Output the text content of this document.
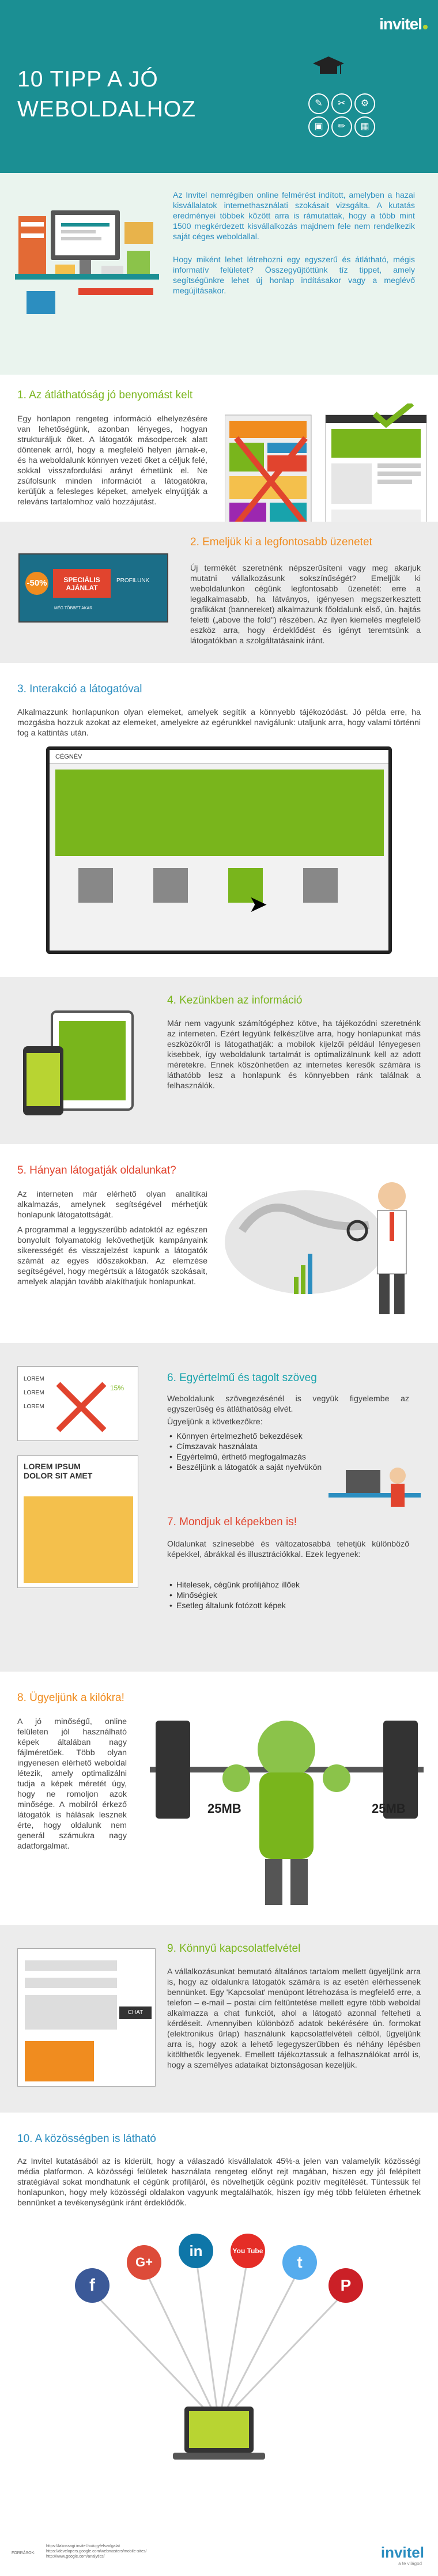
invitel
10 TIPP A JÓ
WEBOLDALHOZ	✎ ✂ ⚙▣ ✏ ▦

Az Invitel nemrégiben online felmérést indított, amelyben a hazai kisvállalatok internethasználati szokásait vizsgálta. A kutatás eredményei többek között arra is rámutattak, hogy a több mint 1500 megkérdezett kisvállalkozás majdnem fele nem rendelkezik saját céges weboldallal.

Hogy miként lehet létrehozni egy egyszerű és átlátható, mégis informatív felületet? Összegyűjtöttünk tíz tippet, amely segítségünkre lehet új honlap indításakor vagy a meglévő megújításakor.

1. Az átláthatóság jó benyomást kelt

Egy honlapon rengeteg információ elhelyezésére van lehetőségünk, azonban lényeges, hogyan strukturáljuk őket. A látogatók másodpercek alatt döntenek arról, hogy a megfelelő helyen járnak-e, és ha weboldalunk könnyen vezeti őket a céljuk felé, sokkal visszafordulási arányt érhetünk el. Ne zsúfolsunk minden információt a látogatókra, kerüljük a felesleges képeket, amelyek elnyújtják a releváns tartalomhoz való hozzájutást.

-50%	SPECIÁLIS AJÁNLAT
PROFILUNK
MÉG TÖBBET AKAR
2. Emeljük ki a legfontosabb üzenetet

Új termékét szeretnénk népszerűsíteni vagy meg akarjuk mutatni vállalkozásunk sokszínűségét? Emeljük ki weboldalunkon cégünk legfontosabb üzenetét: erre a legalkalmasabb, ha látványos, igényesen megszerkesztett grafikákat (bannereket) alkalmazunk főoldalunk első, ún. hajtás feletti („above the fold") részében. Az ilyen kiemelés megfelelő eszköz arra, hogy érdeklődést és igényt teremtsünk a látogatókban a szolgáltatásaink iránt.

3. Interakció a látogatóval

Alkalmazzunk honlapunkon olyan elemeket, amelyek segítik a könnyebb tájékozódást. Jó példa erre, ha mozgásba hozzuk azokat az elemeket, amelyekre az egérunkkel navigálunk: utaljunk arra, hogy valami történni fog a kattintás után.

CÉGNÉV
➤
4. Kezünkben az információ

Már nem vagyunk számítógéphez kötve, ha tájékozódni szeretnénk az interneten. Ezért legyünk felkészülve arra, hogy honlapunkat más eszközökről is látogathatják: a mobilok kijelzői például lényegesen kisebbek, így weboldalunk tartalmát is optimalizálnunk kell az adott méretekre. Ennek köszönhetően az internetes keresők számára is láthatóbb lesz a honlapunk és könnyebben ránk találnak a felhasználók.

5. Hányan látogatják oldalunkat?

Az interneten már elérhető olyan analitikai alkalmazás, amelynek segítségével mérhetjük honlapunk látogatottságát.

A programmal a leggyszerűbb adatoktól az egészen bonyolult folyamatokig lekövethetjük kampányaink sikerességét és visszajelzést kapunk a látogatók számát az egyes időszakokban. Az elemzése segítségével, hogy megértsük a látogatók szokásait, amelyek alapján tovább alakíthatjuk honlapunkat.

LOREM
LOREM
LOREM
15%
LOREM IPSUM DOLOR SIT AMET
6. Egyértelmű és tagolt szöveg

Weboldalunk szövegezésénél is vegyük figyelembe az egyszerűség és átláthatóság elvét.

Ügyeljünk a következőkre:

• Könnyen értelmezhető bekezdések
• Címszavak használata
• Egyértelmű, érthető megfogalmazás
• Beszéljünk a látogatók a saját nyelvükön
7. Mondjuk el képekben is!

Oldalunkat színesebbé és változatosabbá tehetjük különböző képekkel, ábrákkal és illusztrációkkal. Ezek legyenek:

• Hitelesek, cégünk profiljához illőek
• Minőségiek
• Esetleg általunk fotózott képek
8. Ügyeljünk a kilókra!

A jó minőségű, online felületen jól használható képek általában nagy fájlméretűek. Több olyan ingyenesen elérhető weboldal létezik, amely optimalizálni tudja a képek méretét úgy, hogy ne romoljon azok minősége. A mobilról érkező látogatók is hálásak lesznek érte, hogy oldalunk nem generál számukra nagy adatforgalmat.

25MB	25MB
CHAT
9. Könnyű kapcsolatfelvétel

A vállalkozásunkat bemutató általános tartalom mellett ügyeljünk arra is, hogy az oldalunkra látogatók számára is az esetén elérhessenek bennünket. Egy 'Kapcsolat' menüpont létrehozása is megfelelő erre, a telefon – e-mail – postai cím feltüntetése mellett egyre több weboldal alkalmazza a chat funkciót, ahol a látogató azonnal felteheti a kérdéseit. Amennyiben különböző adatok bekérésére ún. formokat (elektronikus űrlap) használunk kapcsolatfelvételi célból, ügyeljünk arra is, hogy azok a lehető legegyszerűbben és néhány lépésben kitölthetők legyenek. Emellett tájékoztassuk a felhasználókat arról is, hogy a személyes adataikat biztonságosan kezeljük.

10. A közösségben is látható

Az Invitel kutatásából az is kiderült, hogy a válaszadó kisvállalatok 45%-a jelen van valamelyik közösségi média platformon. A közösségi felületek használata rengeteg előnyt rejt magában, hiszen egy jól felépített stratégiával sokat mondhatunk el cégünk profiljáról, és növelhetjük cégünk pozitív megítélését. Tüntessük fel honlapunkon, hogy mely közösségi oldalakon vagyunk megtalálhatók, hiszen így még több felületen érhetnek bennünket a tevékenységünk iránt érdeklődők.

f
G+
in	You Tube
t
P
FORRÁSOK:
https://lakossagi.invitel.hu/ugyfelszolgalat
https://developers.google.com/webmasters/mobile-sites/
http://www.google.com/analytics/	invitel
a te világod
